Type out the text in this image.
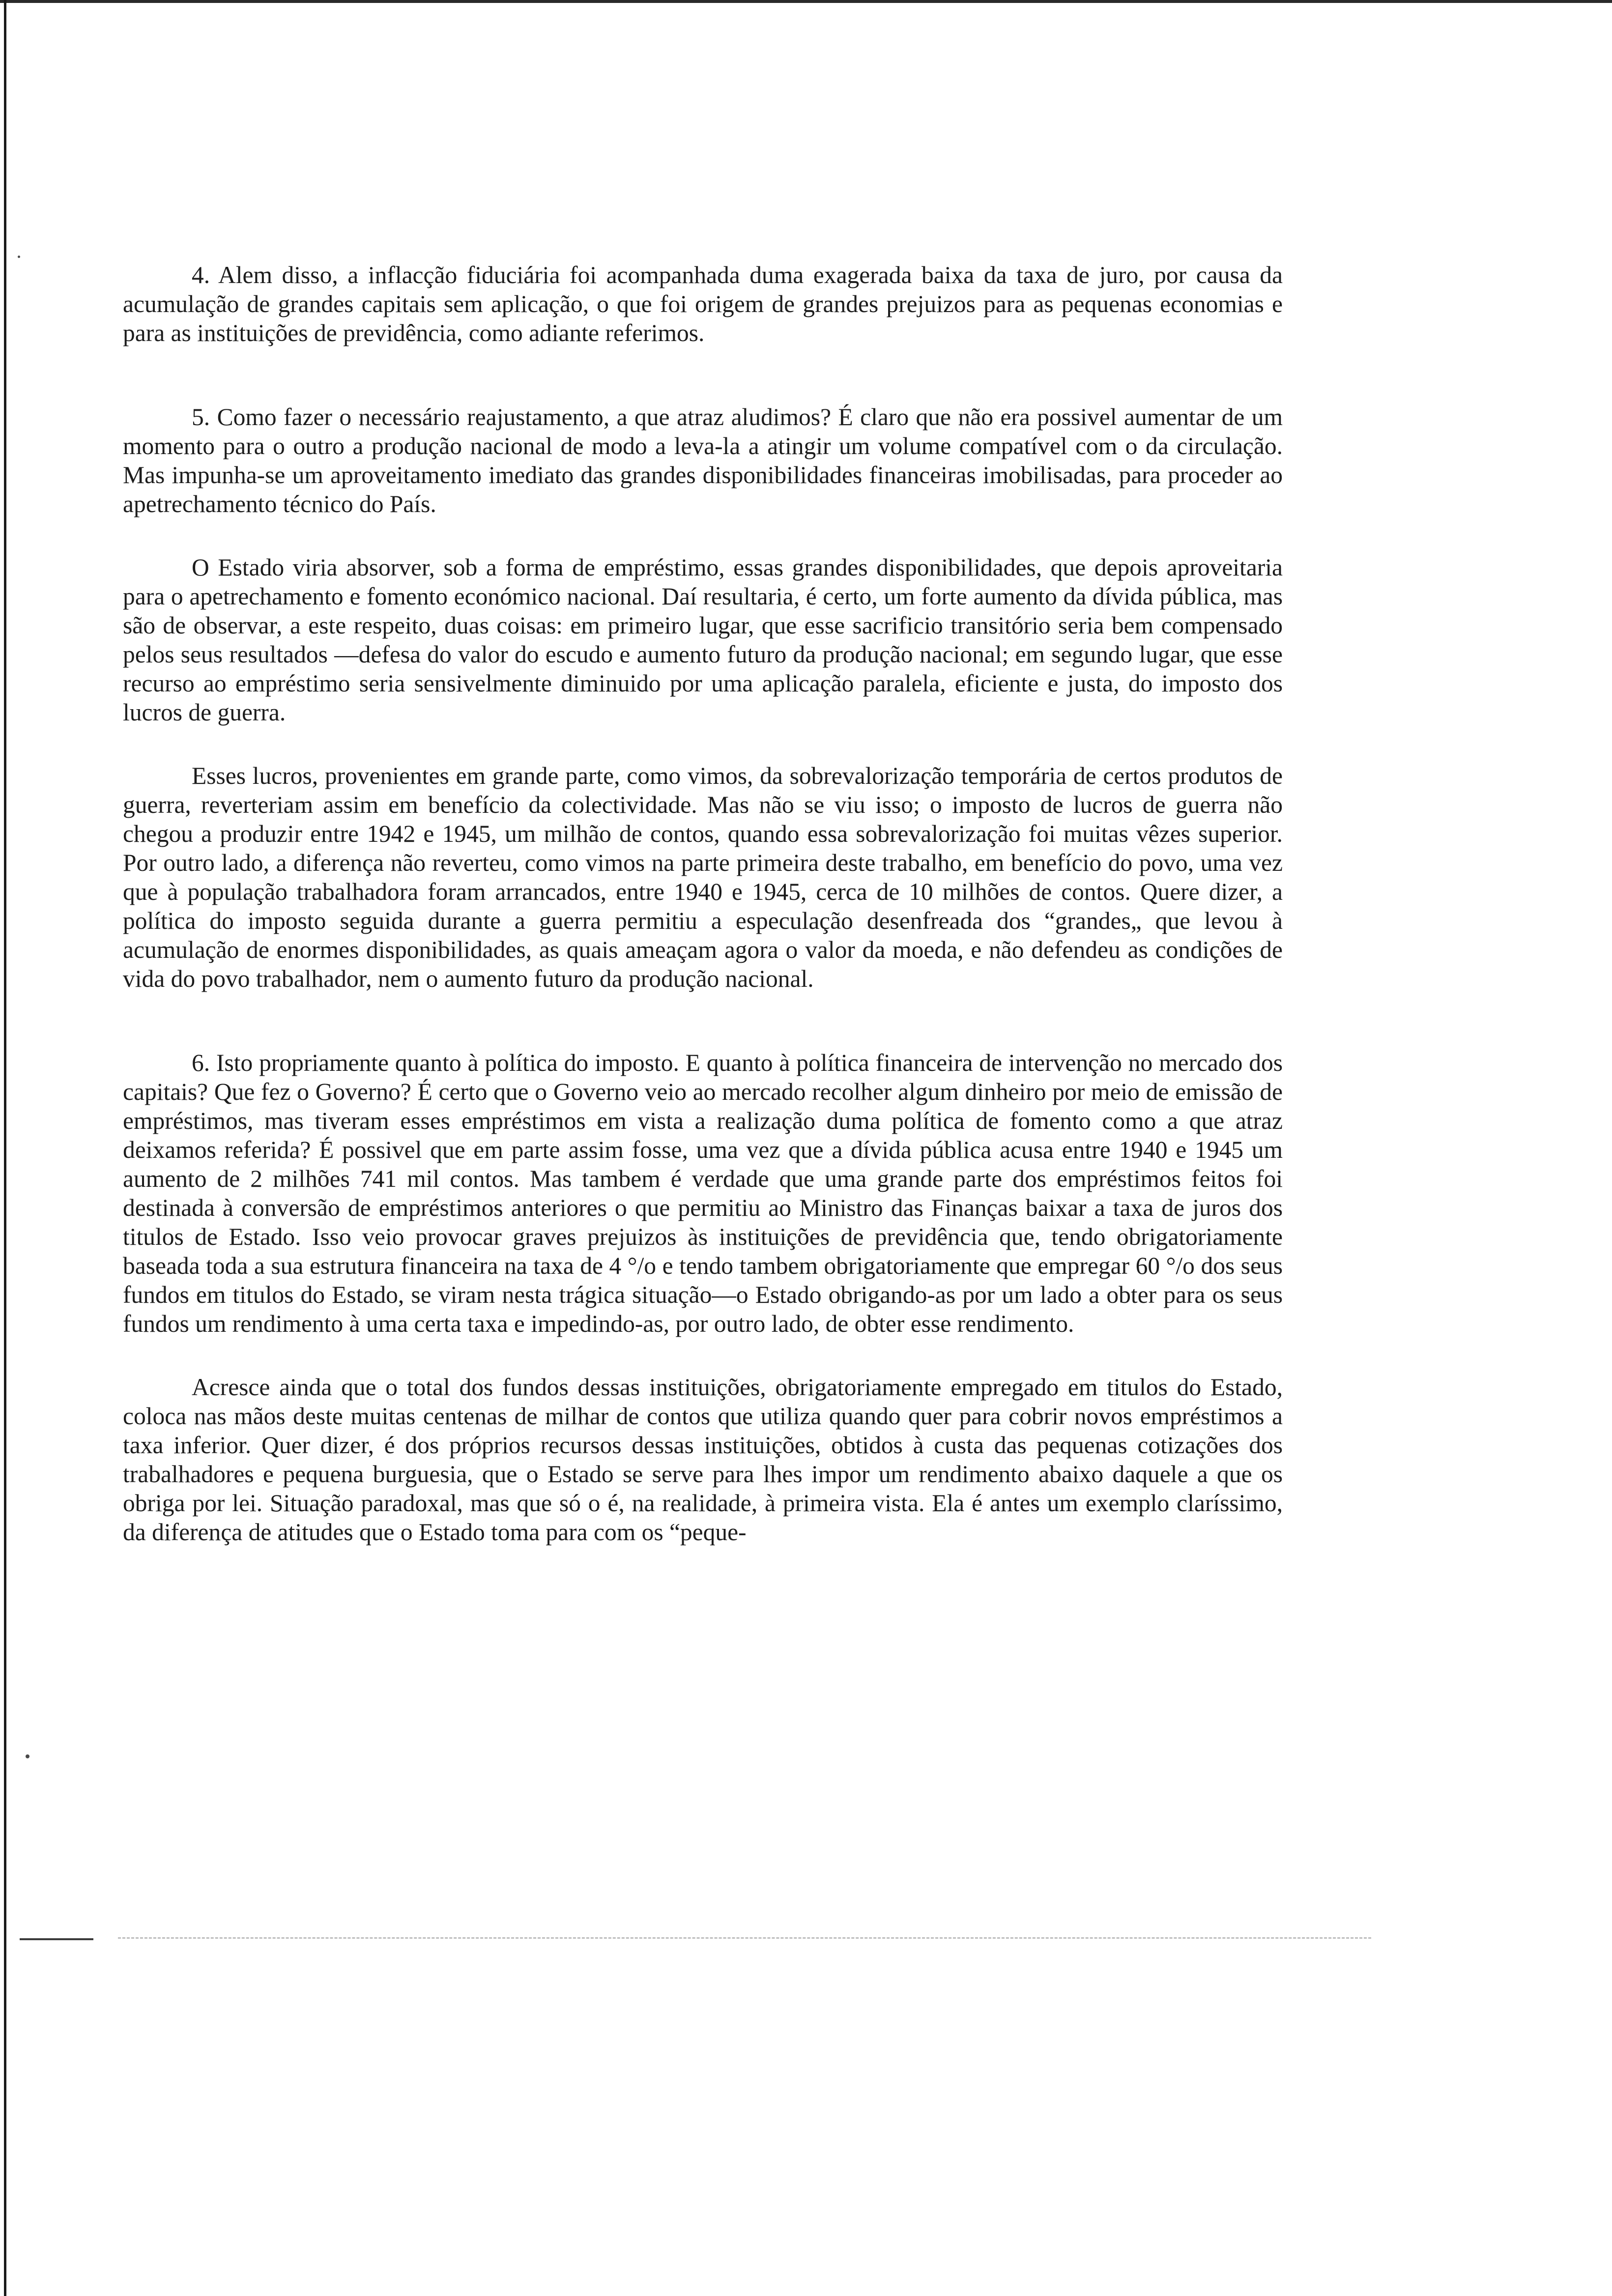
4. Alem disso, a inflacção fiduciária foi acompanhada duma exagerada baixa da taxa de juro, por causa da acumulação de grandes capitais sem aplicação, o que foi origem de grandes prejuizos para as pequenas economias e para as instituições de previdência, como adiante referimos.

5. Como fazer o necessário reajustamento, a que atraz aludimos? É claro que não era possivel aumentar de um momento para o outro a produção nacional de modo a leva-la a atingir um volume compatível com o da circulação. Mas impunha-se um aproveitamento imediato das grandes disponibilidades financeiras imobilisadas, para proceder ao apetrechamento técnico do País.

O Estado viria absorver, sob a forma de empréstimo, essas grandes disponibilidades, que depois aproveitaria para o apetrechamento e fomento económico nacional. Daí resultaria, é certo, um forte aumento da dívida pública, mas são de observar, a este respeito, duas coisas: em primeiro lugar, que esse sacrificio transitório seria bem compensado pelos seus resultados —defesa do valor do escudo e aumento futuro da produção nacional; em segundo lugar, que esse recurso ao empréstimo seria sensivelmente diminuido por uma aplicação paralela, eficiente e justa, do imposto dos lucros de guerra.

Esses lucros, provenientes em grande parte, como vimos, da sobrevalorização temporária de certos produtos de guerra, reverteriam assim em benefício da colectividade. Mas não se viu isso; o imposto de lucros de guerra não chegou a produzir entre 1942 e 1945, um milhão de contos, quando essa sobrevalorização foi muitas vêzes superior. Por outro lado, a diferença não reverteu, como vimos na parte primeira deste trabalho, em benefício do povo, uma vez que à população trabalhadora foram arrancados, entre 1940 e 1945, cerca de 10 milhões de contos. Quere dizer, a política do imposto seguida durante a guerra permitiu a especulação desenfreada dos “grandes„ que levou à acumulação de enormes disponibilidades, as quais ameaçam agora o valor da moeda, e não defendeu as condições de vida do povo trabalhador, nem o aumento futuro da produção nacional.

6. Isto propriamente quanto à política do imposto. E quanto à política financeira de intervenção no mercado dos capitais? Que fez o Governo? É certo que o Governo veio ao mercado recolher algum dinheiro por meio de emissão de empréstimos, mas tiveram esses empréstimos em vista a realização duma política de fomento como a que atraz deixamos referida? É possivel que em parte assim fosse, uma vez que a dívida pública acusa entre 1940 e 1945 um aumento de 2 milhões 741 mil contos. Mas tambem é verdade que uma grande parte dos empréstimos feitos foi destinada à conversão de empréstimos anteriores o que permitiu ao Ministro das Finanças baixar a taxa de juros dos titulos de Estado. Isso veio provocar graves prejuizos às instituições de previdência que, tendo obrigatoriamente baseada toda a sua estrutura financeira na taxa de 4 °/o e tendo tambem obrigatoriamente que empregar 60 °/o dos seus fundos em titulos do Estado, se viram nesta trágica situação—o Estado obrigando-as por um lado a obter para os seus fundos um rendimento à uma certa taxa e impedindo-as, por outro lado, de obter esse rendimento.

Acresce ainda que o total dos fundos dessas instituições, obrigatoriamente empregado em titulos do Estado, coloca nas mãos deste muitas centenas de milhar de contos que utiliza quando quer para cobrir novos empréstimos a taxa inferior. Quer dizer, é dos próprios recursos dessas instituições, obtidos à custa das pequenas cotizações dos trabalhadores e pequena burguesia, que o Estado se serve para lhes impor um rendimento abaixo daquele a que os obriga por lei. Situação paradoxal, mas que só o é, na realidade, à primeira vista. Ela é antes um exemplo claríssimo, da diferença de atitudes que o Estado toma para com os “peque-
